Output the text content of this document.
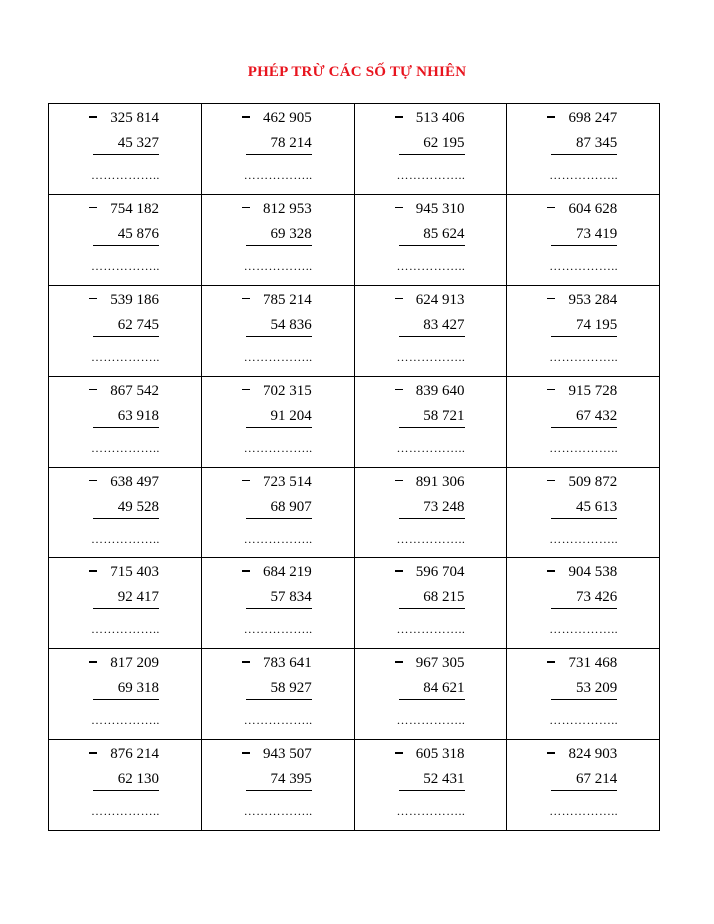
PHÉP TRỪ CÁC SỐ TỰ NHIÊN
325 814
45 327
……………..
462 905
78 214
……………..
513 406
62 195
……………..
698 247
87 345
……………..
754 182
45 876
……………..
812 953
69 328
……………..
945 310
85 624
……………..
604 628
73 419
……………..
539 186
62 745
……………..
785 214
54 836
……………..
624 913
83 427
……………..
953 284
74 195
……………..
867 542
63 918
……………..
702 315
91 204
……………..
839 640
58 721
……………..
915 728
67 432
……………..
638 497
49 528
……………..
723 514
68 907
……………..
891 306
73 248
……………..
509 872
45 613
……………..
715 403
92 417
……………..
684 219
57 834
……………..
596 704
68 215
……………..
904 538
73 426
……………..
817 209
69 318
……………..
783 641
58 927
……………..
967 305
84 621
……………..
731 468
53 209
……………..
876 214
62 130
……………..
943 507
74 395
……………..
605 318
52 431
……………..
824 903
67 214
……………..
